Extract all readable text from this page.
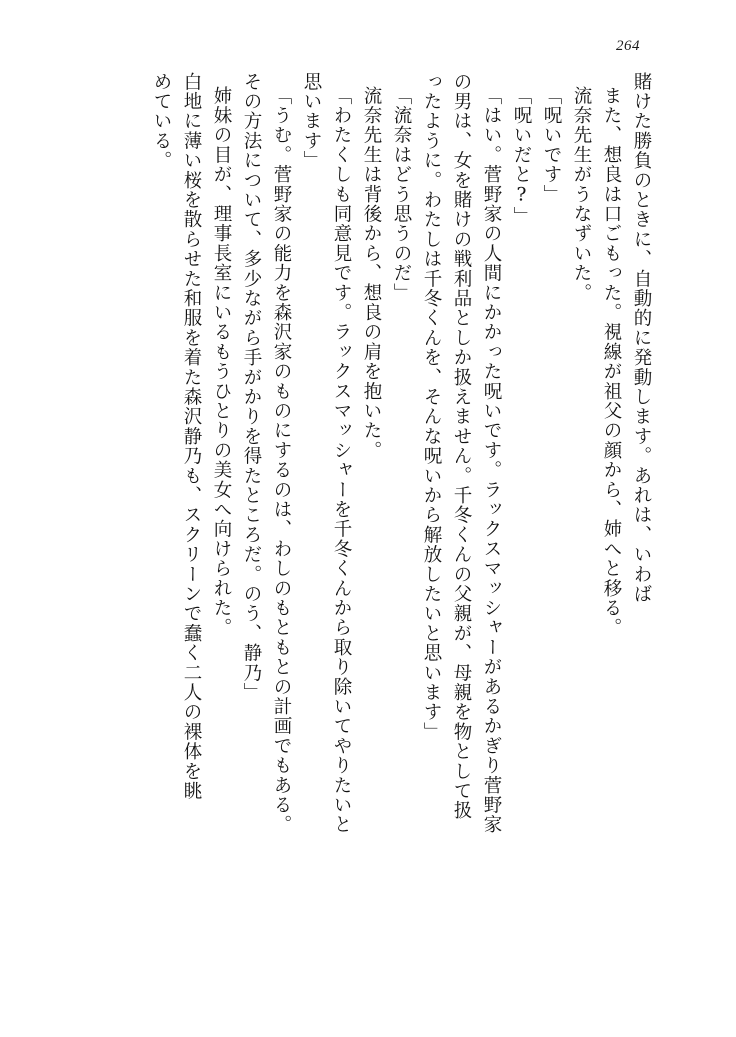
264
賭けた勝負のときに、自動的に発動します。あれは、いわば
また、想良は口ごもった。視線が祖父の顔から、姉へと移る。
流奈先生がうなずいた。
「呪いです」
「呪いだと?」
「はい。菅野家の人間にかかった呪いです。ラックスマッシャーがあるかぎり菅野家
の男は、女を賭けの戦利品としか扱えません。千冬くんの父親が、母親を物として扱
ったように。わたしは千冬くんを、そんな呪いから解放したいと思います」
「流奈はどう思うのだ」
流奈先生は背後から、想良の肩を抱いた。
「わたくしも同意見です。ラックスマッシャーを千冬くんから取り除いてやりたいと
思います」
「うむ。菅野家の能力を森沢家のものにするのは、わしのもともとの計画でもある。
その方法について、多少ながら手がかりを得たところだ。のう、静乃」
姉妹の目が、理事長室にいるもうひとりの美女へ向けられた。
白地に薄い桜を散らせた和服を着た森沢静乃も、スクリーンで蠢く二人の裸体を眺
めている。
